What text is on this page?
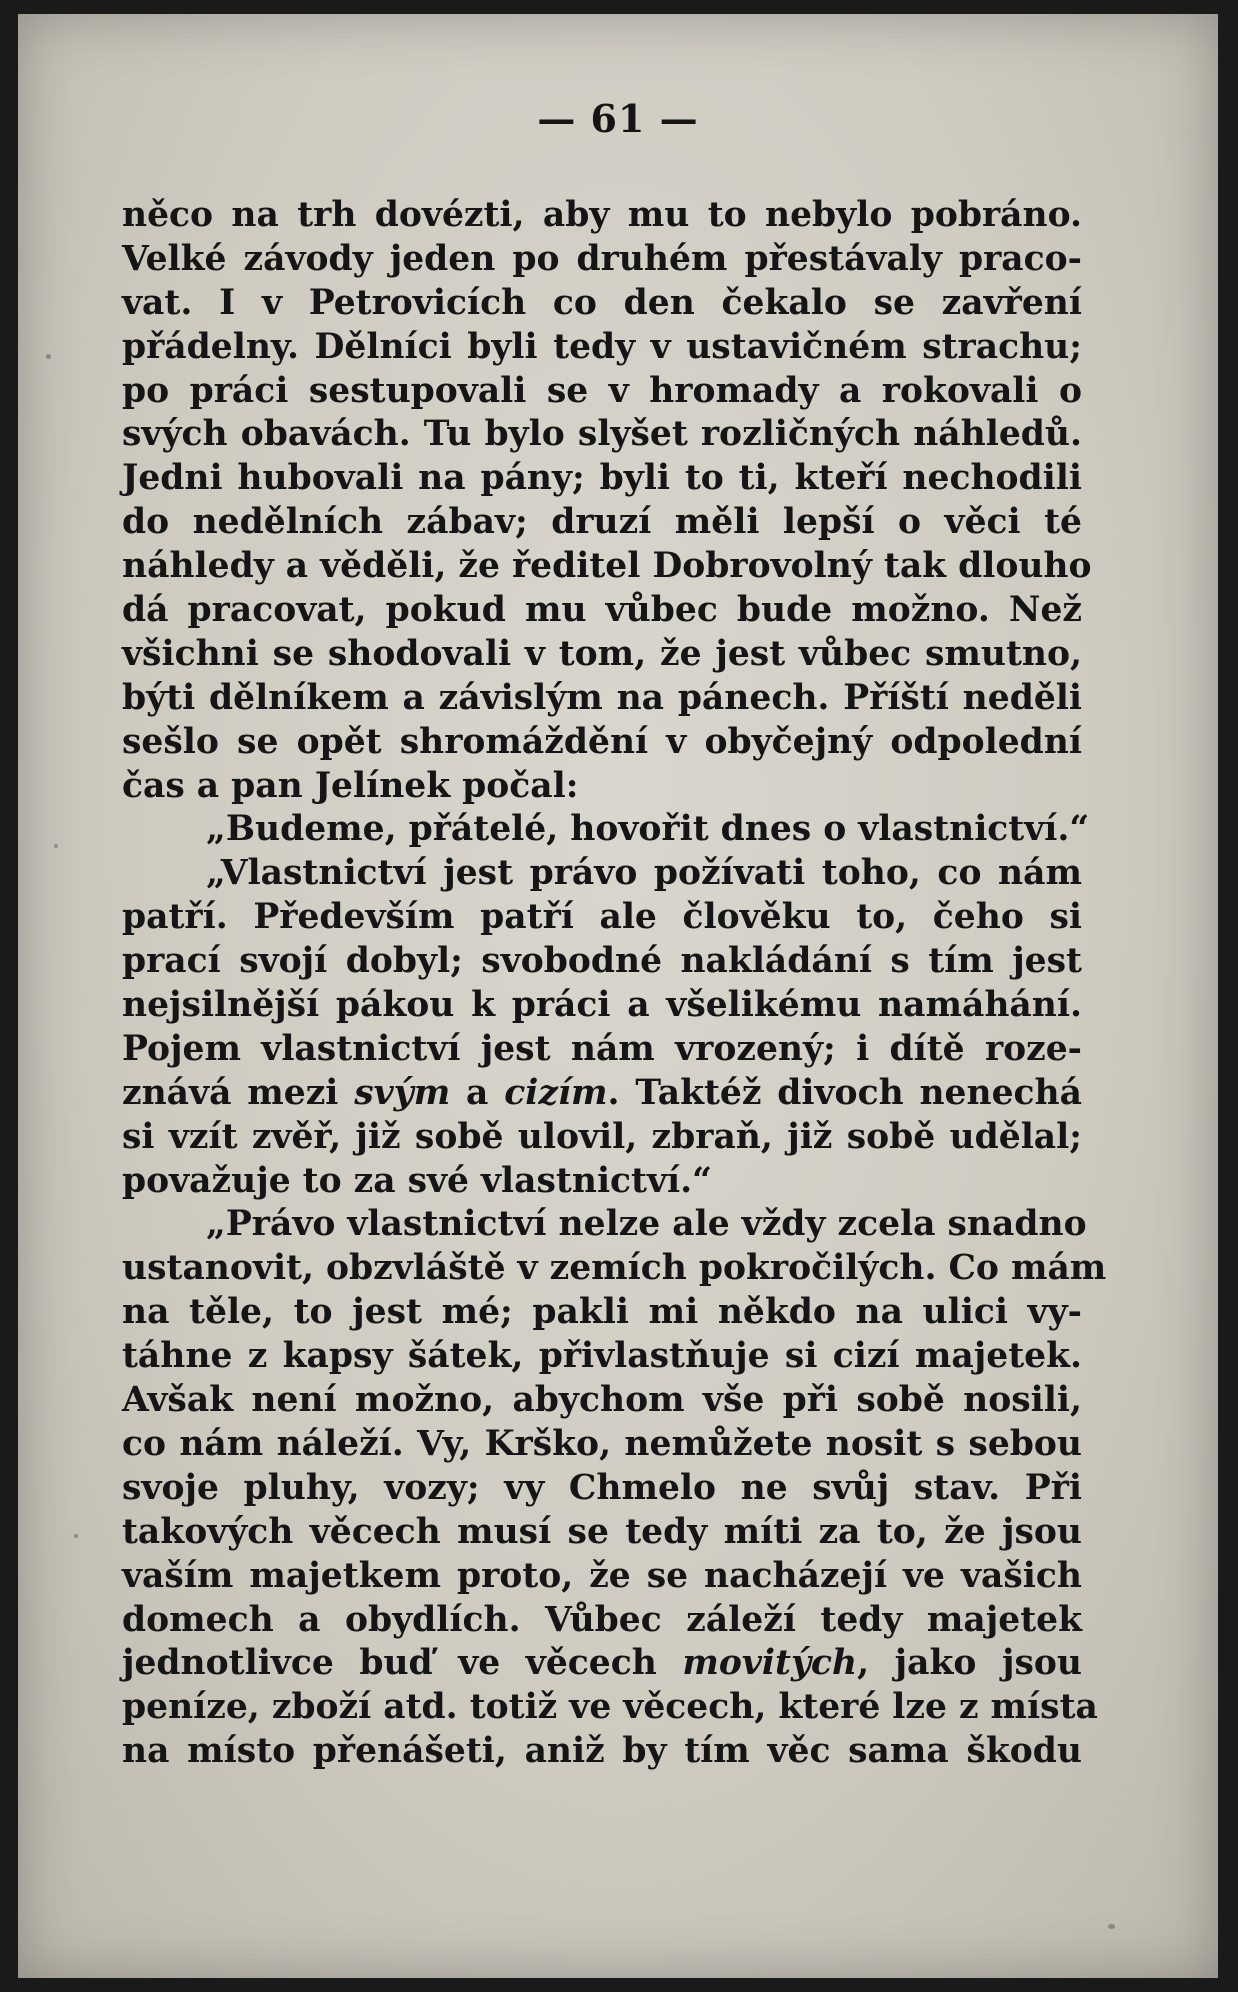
— 61 —
něco na trh dovézti, aby mu to nebylo pobráno.
Velké závody jeden po druhém přestávaly praco-
vat. I v Petrovicích co den čekalo se zavření
přádelny. Dělníci byli tedy v ustavičném strachu;
po práci sestupovali se v hromady a rokovali o
svých obavách. Tu bylo slyšet rozličných náhledů.
Jedni hubovali na pány; byli to ti, kteří nechodili
do nedělních zábav; druzí měli lepší o věci té
náhledy a věděli, že ředitel Dobrovolný tak dlouho
dá pracovat, pokud mu vůbec bude možno. Než
všichni se shodovali v tom, že jest vůbec smutno,
býti dělníkem a závislým na pánech. Příští neděli
sešlo se opět shromáždění v obyčejný odpolední
čas a pan Jelínek počal:
„Budeme, přátelé, hovořit dnes o vlastnictví.“
„Vlastnictví jest právo požívati toho, co nám
patří. Především patří ale člověku to, čeho si
prací svojí dobyl; svobodné nakládání s tím jest
nejsilnější pákou k práci a všelikému namáhání.
Pojem vlastnictví jest nám vrozený; i dítě roze-
znává mezi svým a cizím. Taktéž divoch nenechá
si vzít zvěř, již sobě ulovil, zbraň, již sobě udělal;
považuje to za své vlastnictví.“
„Právo vlastnictví nelze ale vždy zcela snadno
ustanovit, obzvláště v zemích pokročilých. Co mám
na těle, to jest mé; pakli mi někdo na ulici vy-
táhne z kapsy šátek, přivlastňuje si cizí majetek.
Avšak není možno, abychom vše při sobě nosili,
co nám náleží. Vy, Krško, nemůžete nosit s sebou
svoje pluhy, vozy; vy Chmelo ne svůj stav. Při
takových věcech musí se tedy míti za to, že jsou
vaším majetkem proto, že se nacházejí ve vašich
domech a obydlích. Vůbec záleží tedy majetek
jednotlivce buď ve věcech movitých, jako jsou
peníze, zboží atd. totiž ve věcech, které lze z místa
na místo přenášeti, aniž by tím věc sama škodu
